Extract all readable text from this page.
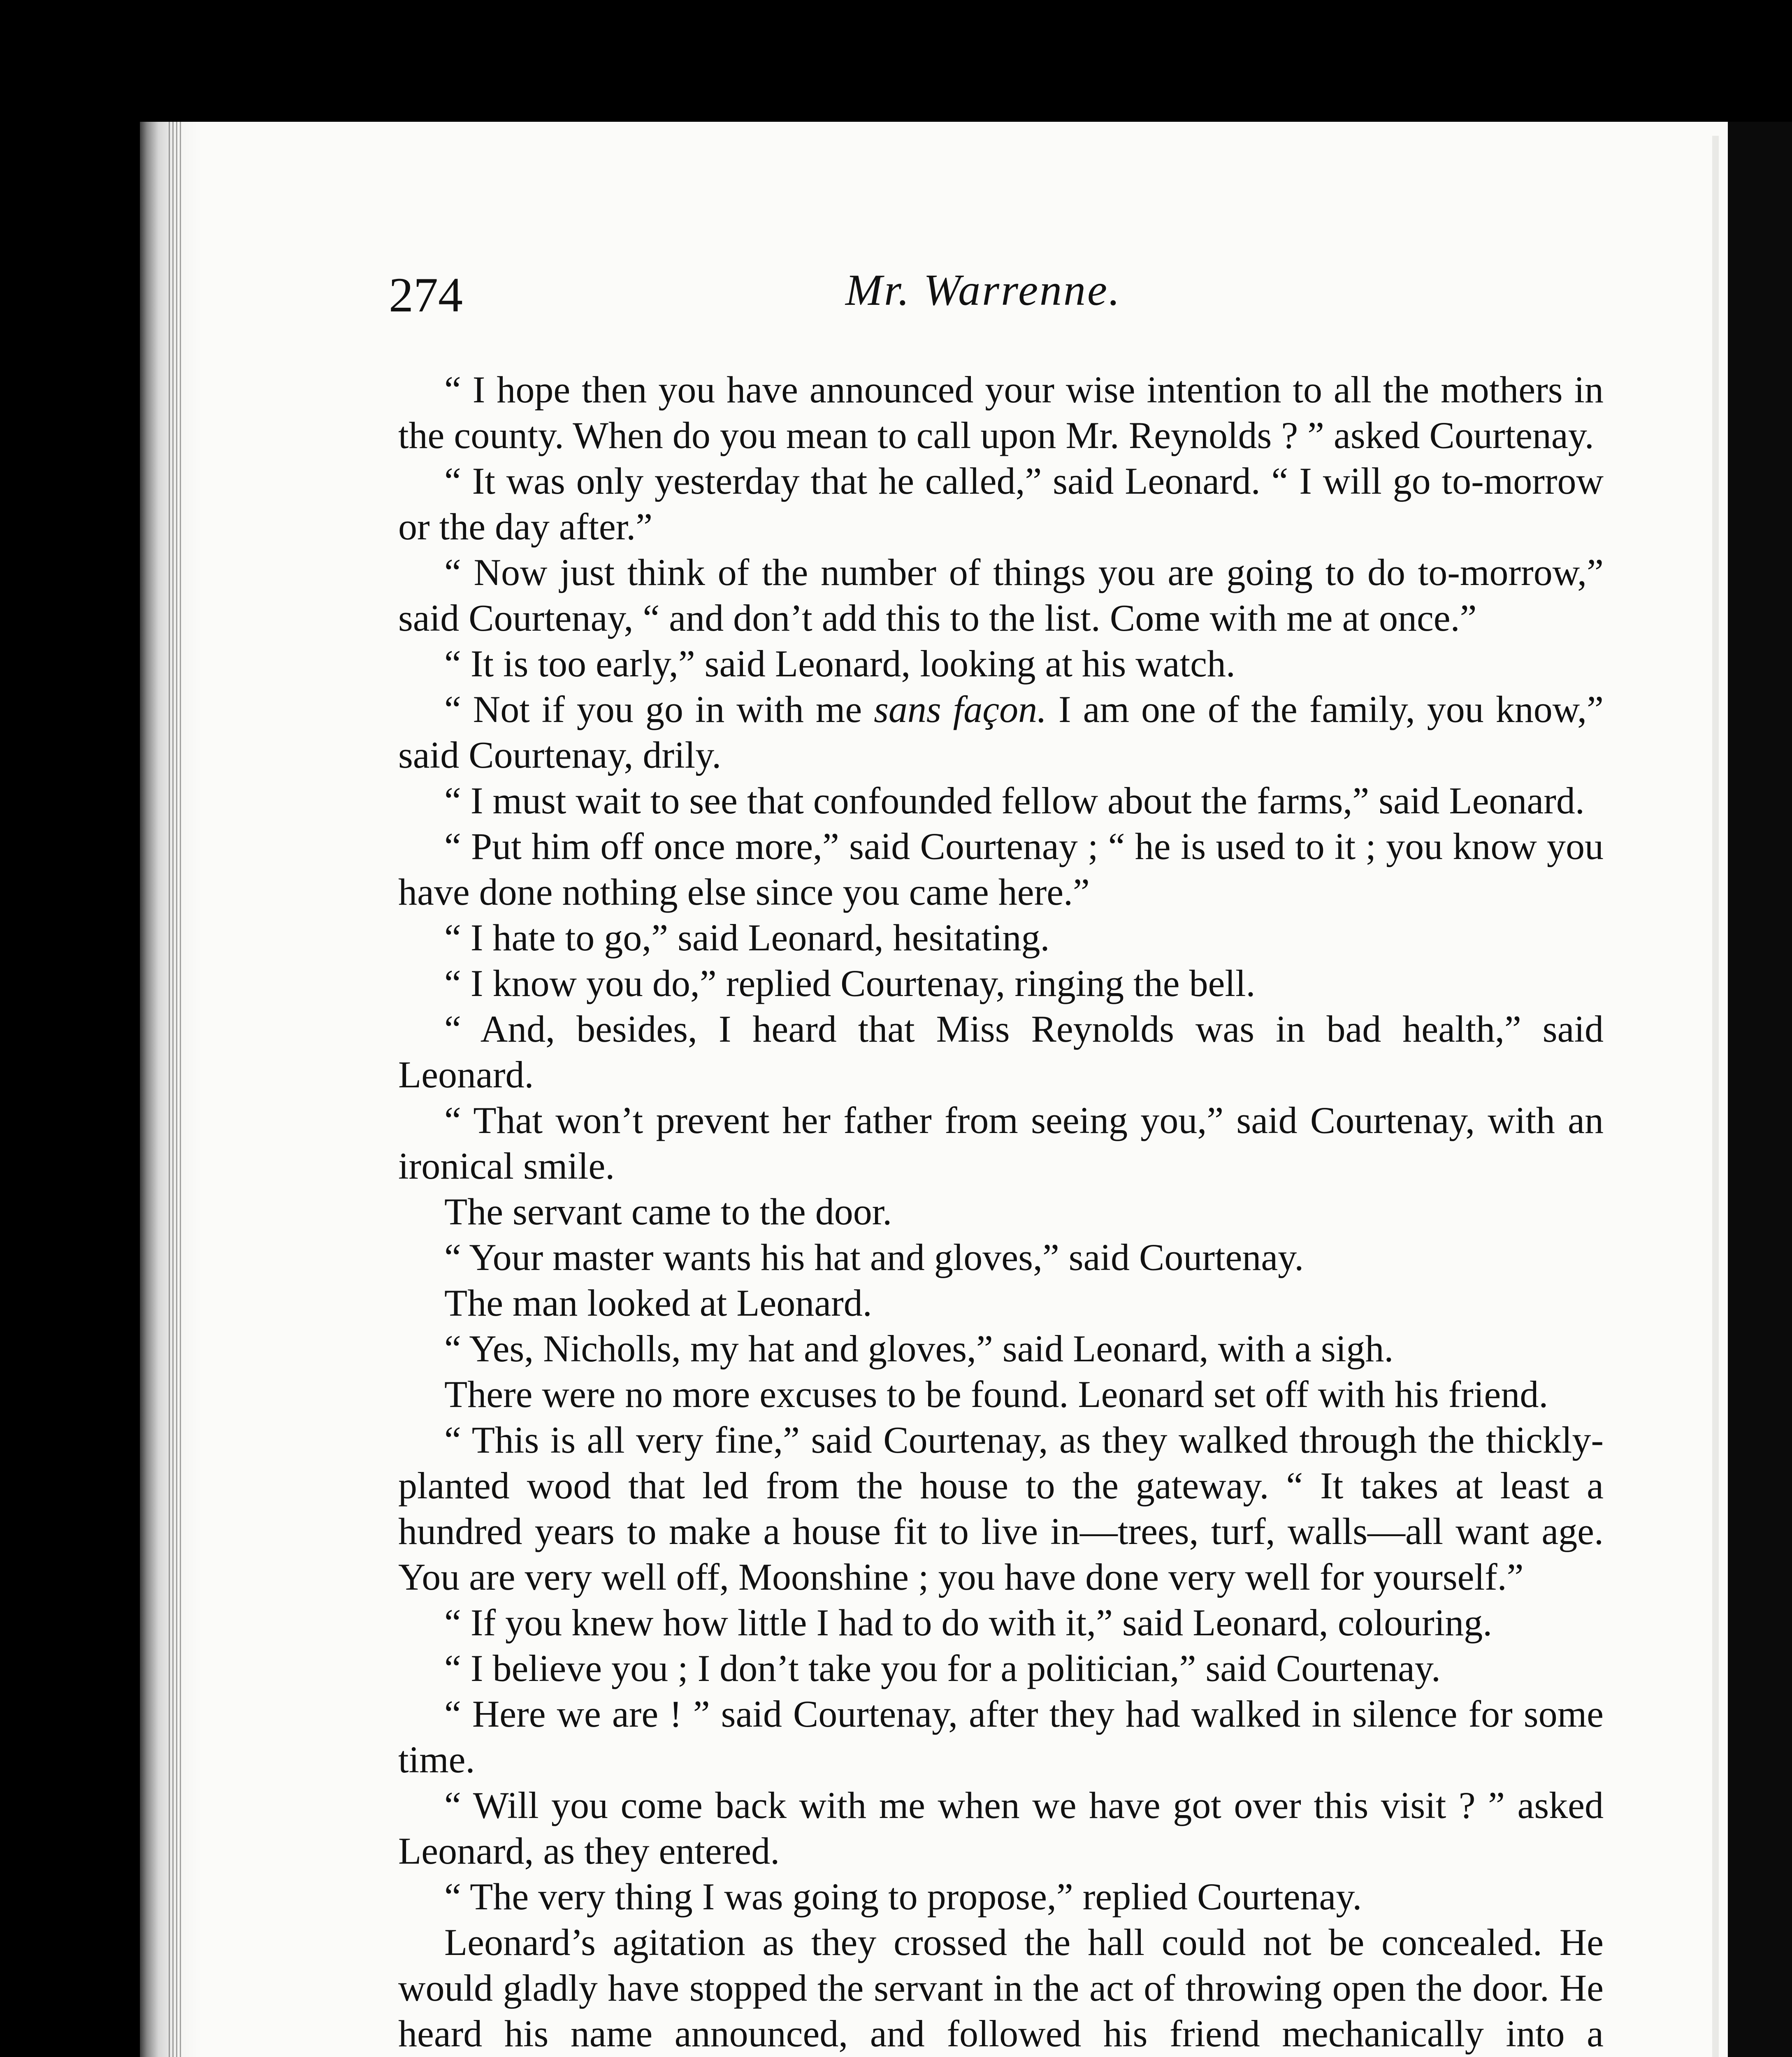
274	Mr. Warrenne.

“ I hope then you have announced your wise intention to all the mothers in the county. When do you mean to call upon Mr. Reynolds ? ” asked Courtenay.

“ It was only yesterday that he called,” said Leonard. “ I will go to-morrow or the day after.”

“ Now just think of the number of things you are going to do to-morrow,” said Courtenay, “ and don’t add this to the list. Come with me at once.”

“ It is too early,” said Leonard, looking at his watch.

“ Not if you go in with me sans façon. I am one of the family, you know,” said Courtenay, drily.

“ I must wait to see that confounded fellow about the farms,” said Leonard.

“ Put him off once more,” said Courtenay ; “ he is used to it ; you know you have done nothing else since you came here.”

“ I hate to go,” said Leonard, hesitating.

“ I know you do,” replied Courtenay, ringing the bell.

“ And, besides, I heard that Miss Reynolds was in bad health,” said Leonard.

“ That won’t prevent her father from seeing you,” said Courtenay, with an ironical smile.

The servant came to the door.

“ Your master wants his hat and gloves,” said Courtenay.

The man looked at Leonard.

“ Yes, Nicholls, my hat and gloves,” said Leonard, with a sigh.

There were no more excuses to be found. Leonard set off with his friend.

“ This is all very fine,” said Courtenay, as they walked through the thickly-planted wood that led from the house to the gateway. “ It takes at least a hundred years to make a house fit to live in—trees, turf, walls—all want age. You are very well off, Moonshine ; you have done very well for yourself.”

“ If you knew how little I had to do with it,” said Leonard, colouring.

“ I believe you ; I don’t take you for a politician,” said Courtenay.

“ Here we are ! ” said Courtenay, after they had walked in silence for some time.

“ Will you come back with me when we have got over this visit ? ” asked Leonard, as they entered.

“ The very thing I was going to propose,” replied Courtenay.

Leonard’s agitation as they crossed the hall could not be concealed. He would gladly have stopped the servant in the act of throwing open the door. He heard his name announced, and followed his friend mechanically into a
